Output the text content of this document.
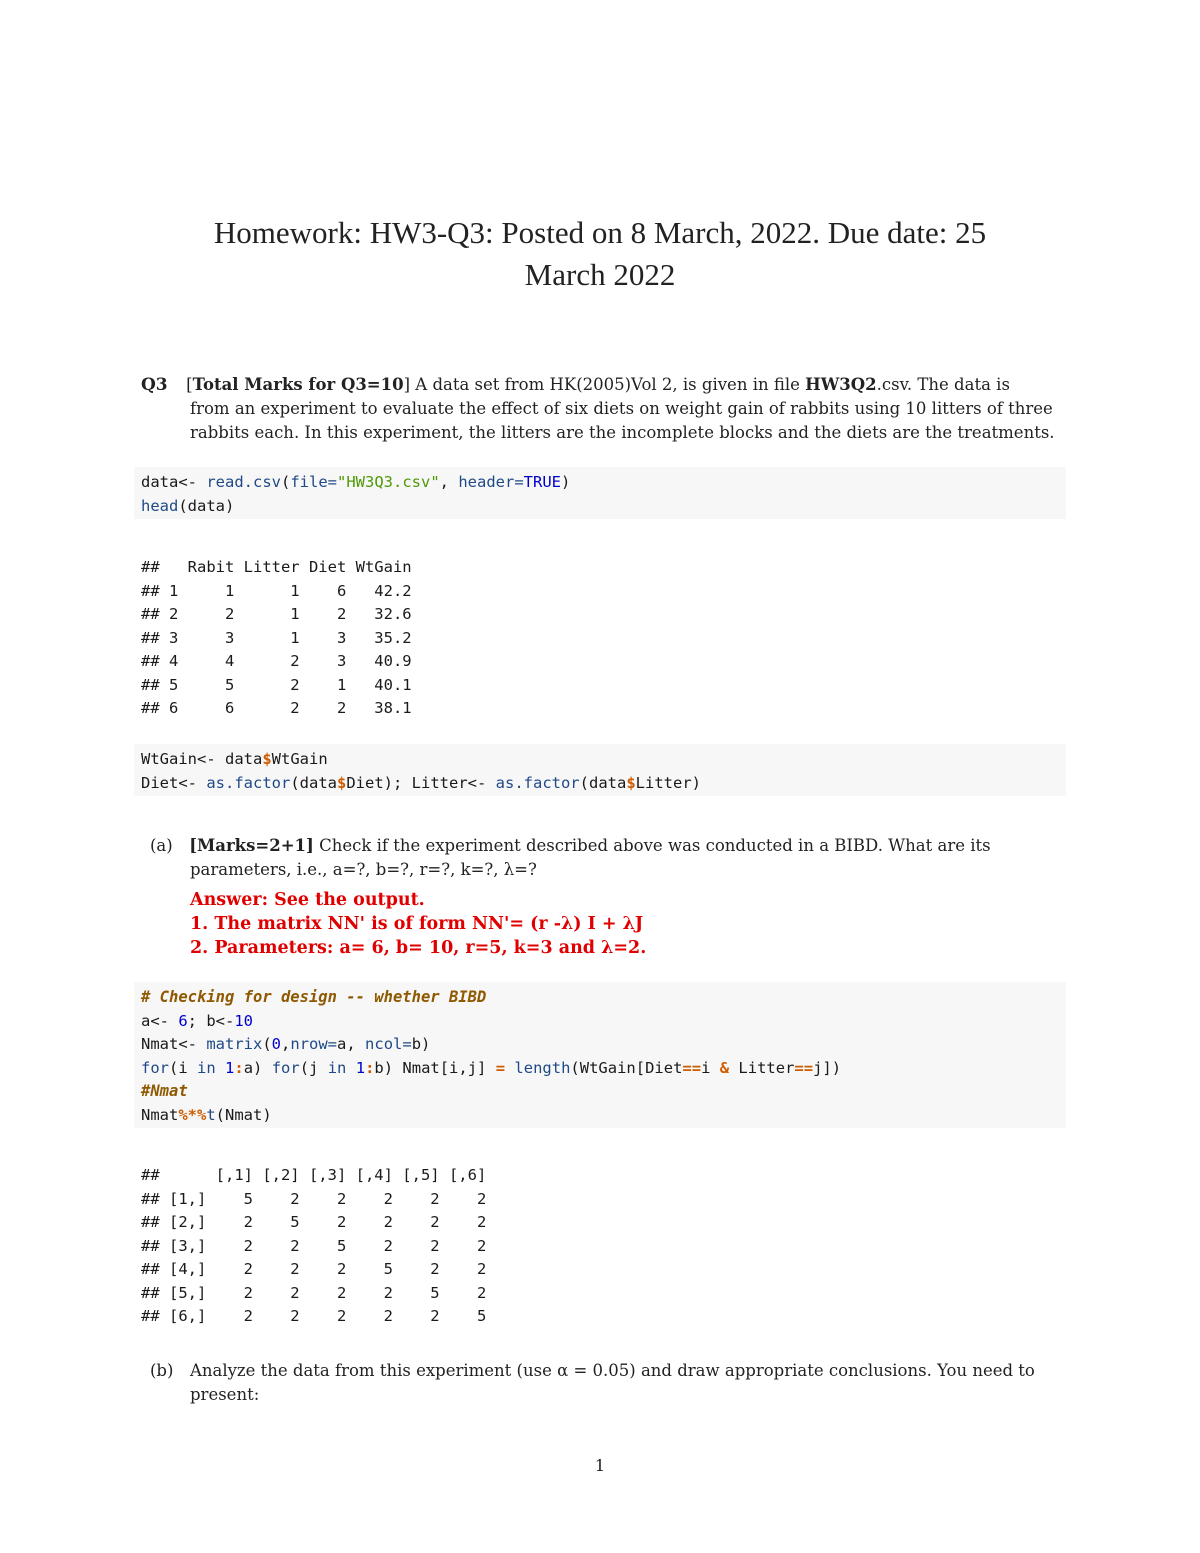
Homework: HW3-Q3: Posted on 8 March, 2022. Due date: 25
March 2022
Q3 [Total Marks for Q3=10] A data set from HK(2005)Vol 2, is given in file HW3Q2.csv. The data is
from an experiment to evaluate the effect of six diets on weight gain of rabbits using 10 litters of three
rabbits each. In this experiment, the litters are the incomplete blocks and the diets are the treatments.
data<- read.csv(file="HW3Q3.csv", header=TRUE)
head(data)
##   Rabit Litter Diet WtGain
## 1     1      1    6   42.2
## 2     2      1    2   32.6
## 3     3      1    3   35.2
## 4     4      2    3   40.9
## 5     5      2    1   40.1
## 6     6      2    2   38.1
WtGain<- data$WtGain
Diet<- as.factor(data$Diet); Litter<- as.factor(data$Litter)
(a) [Marks=2+1] Check if the experiment described above was conducted in a BIBD. What are its
parameters, i.e., a=?, b=?, r=?, k=?, λ=?
Answer: See the output.
1. The matrix NN' is of form NN'= (r -λ) I + λJ
2. Parameters: a= 6, b= 10, r=5, k=3 and λ=2.
# Checking for design -- whether BIBD
a<- 6; b<-10
Nmat<- matrix(0,nrow=a, ncol=b)
for(i in 1:a) for(j in 1:b) Nmat[i,j] = length(WtGain[Diet==i & Litter==j])
#Nmat
Nmat%*%t(Nmat)
##      [,1] [,2] [,3] [,4] [,5] [,6]
## [1,]    5    2    2    2    2    2
## [2,]    2    5    2    2    2    2
## [3,]    2    2    5    2    2    2
## [4,]    2    2    2    5    2    2
## [5,]    2    2    2    2    5    2
## [6,]    2    2    2    2    2    5
(b) Analyze the data from this experiment (use α = 0.05) and draw appropriate conclusions. You need to
present:
1
